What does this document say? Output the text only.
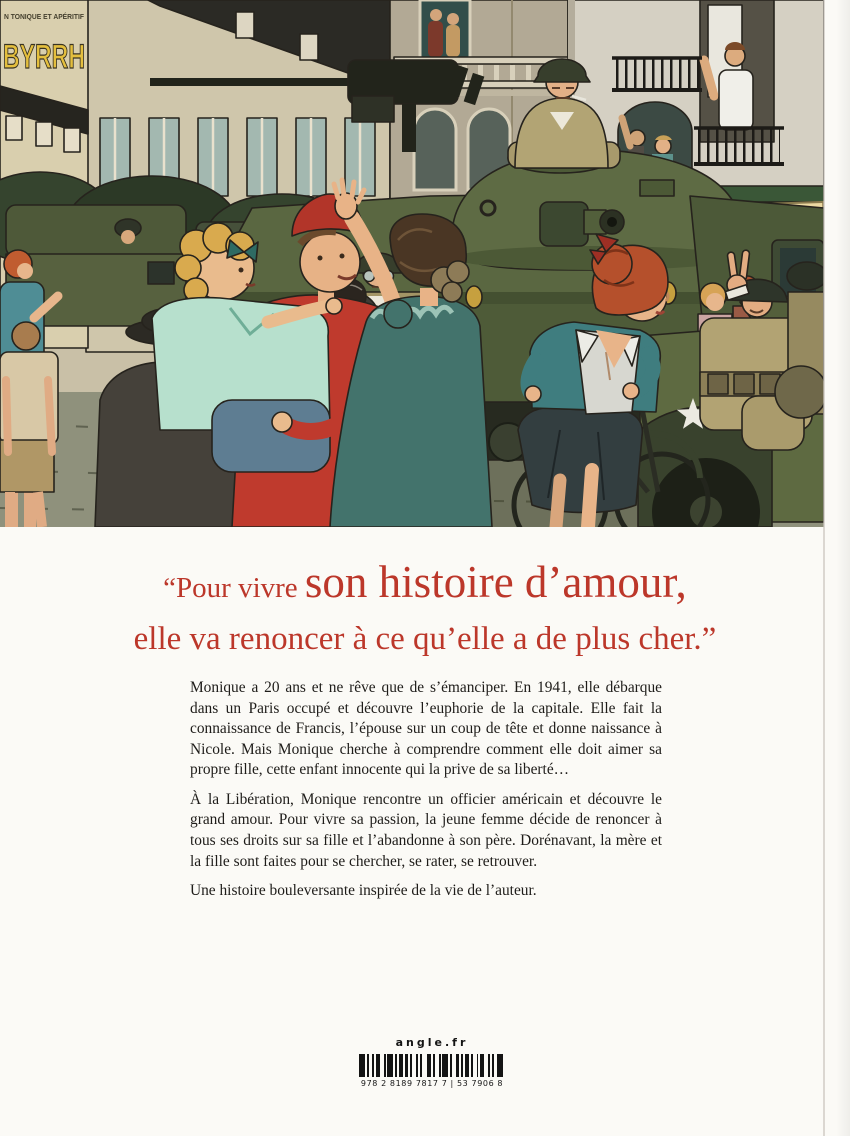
N TONIQUE ET APÉRITIF
BYRRH
“Pour vivre son histoire d’amour,
elle va renoncer à ce qu’elle a de plus cher.”

Monique a 20 ans et ne rêve que de s’émanciper. En 1941, elle débarque dans un Paris occupé et découvre l’euphorie de la capitale. Elle fait la connaissance de Francis, l’épouse sur un coup de tête et donne naissance à Nicole. Mais Monique cherche à comprendre comment elle doit aimer sa propre fille, cette enfant innocente qui la prive de sa liberté…

À la Libération, Monique rencontre un officier américain et découvre le grand amour. Pour vivre sa passion, la jeune femme décide de renoncer à tous ses droits sur sa fille et l’abandonne à son père. Dorénavant, la mère et la fille sont faites pour se chercher, se rater, se retrouver.

Une histoire bouleversante inspirée de la vie de l’auteur.

angle.fr
978 2 8189 7817 7 | 53 7906 8
